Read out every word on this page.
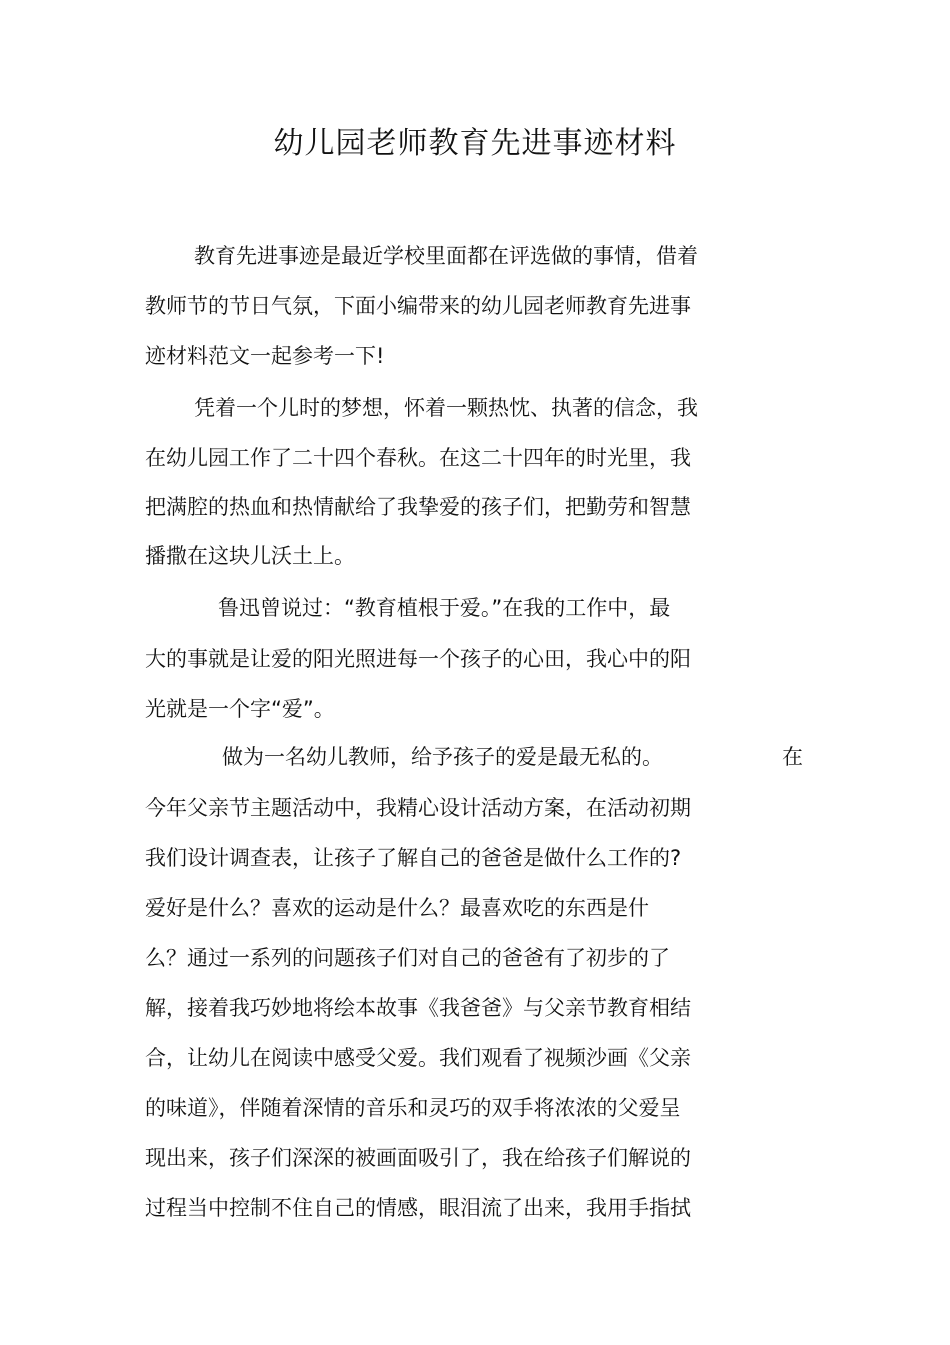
幼儿园老师教育先进事迹材料
教育先进事迹是最近学校里面都在评选做的事情，借着
教师节的节日气氛，下面小编带来的幼儿园老师教育先进事
迹材料范文一起参考一下!
凭着一个儿时的梦想，怀着一颗热忱、执著的信念，我
在幼儿园工作了二十四个春秋。在这二十四年的时光里，我
把满腔的热血和热情献给了我挚爱的孩子们，把勤劳和智慧
播撒在这块儿沃土上。
鲁迅曾说过：“教育植根于爱。”在我的工作中，最
大的事就是让爱的阳光照进每一个孩子的心田，我心中的阳
光就是一个字“爱”。
做为一名幼儿教师，给予孩子的爱是最无私的。	在
今年父亲节主题活动中，我精心设计活动方案，在活动初期
我们设计调查表，让孩子了解自己的爸爸是做什么工作的?
爱好是什么？喜欢的运动是什么？最喜欢吃的东西是什
么？通过一系列的问题孩子们对自己的爸爸有了初步的了
解，接着我巧妙地将绘本故事《我爸爸》与父亲节教育相结
合，让幼儿在阅读中感受父爱。我们观看了视频沙画《父亲
的味道》，伴随着深情的音乐和灵巧的双手将浓浓的父爱呈
现出来，孩子们深深的被画面吸引了，我在给孩子们解说的
过程当中控制不住自己的情感，眼泪流了出来，我用手指拭
